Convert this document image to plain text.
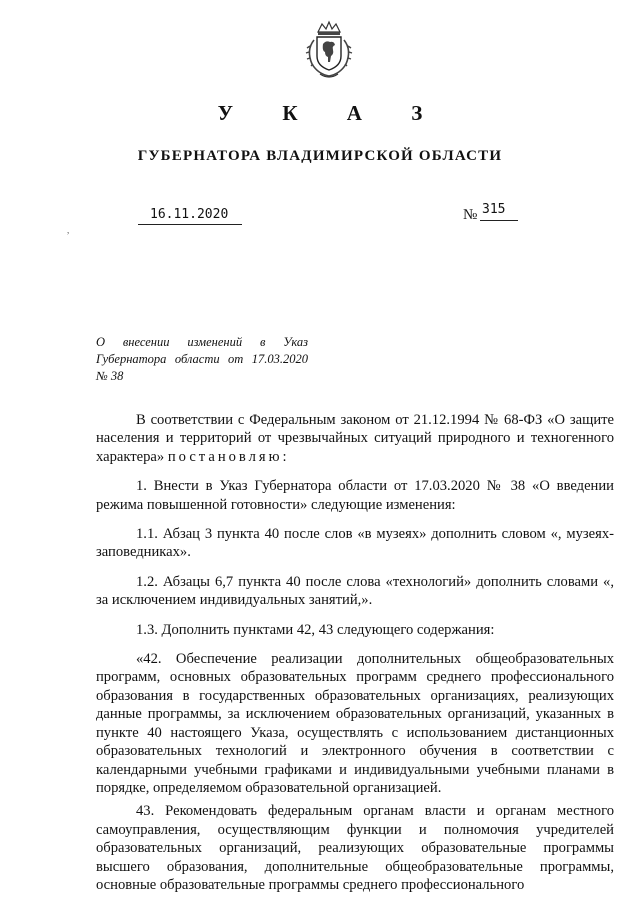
У К А З
ГУБЕРНАТОРА ВЛАДИМИРСКОЙ ОБЛАСТИ
,
16.11.2020	№ 315
О внесении изменений в Указ
Губернатора области от 17.03.2020
№ 38

В соответствии с Федеральным законом от 21.12.1994 № 68-ФЗ «О защите населения и территорий от чрезвычайных ситуаций природного и техногенного характера» постановляю:

1. Внести в Указ Губернатора области от 17.03.2020 № 38 «О введении режима повышенной готовности» следующие изменения:

1.1. Абзац 3 пункта 40 после слов «в музеях» дополнить словом «, музеях-заповедниках».

1.2. Абзацы 6,7 пункта 40 после слова «технологий» дополнить словами «, за исключением индивидуальных занятий,».

1.3. Дополнить пунктами 42, 43 следующего содержания:

«42. Обеспечение реализации дополнительных общеобразовательных программ, основных образовательных программ среднего профессионального образования в государственных образовательных организациях, реализующих данные программы, за исключением образовательных организаций, указанных в пункте 40 настоящего Указа, осуществлять с использованием дистанционных образовательных технологий и электронного обучения в соответствии с календарными учебными графиками и индивидуальными учебными планами в порядке, определяемом образовательной организацией.

43. Рекомендовать федеральным органам власти и органам местного самоуправления, осуществляющим функции и полномочия учредителей образовательных организаций, реализующих образовательные программы высшего образования, дополнительные общеобразовательные программы, основные образовательные программы среднего профессионального
